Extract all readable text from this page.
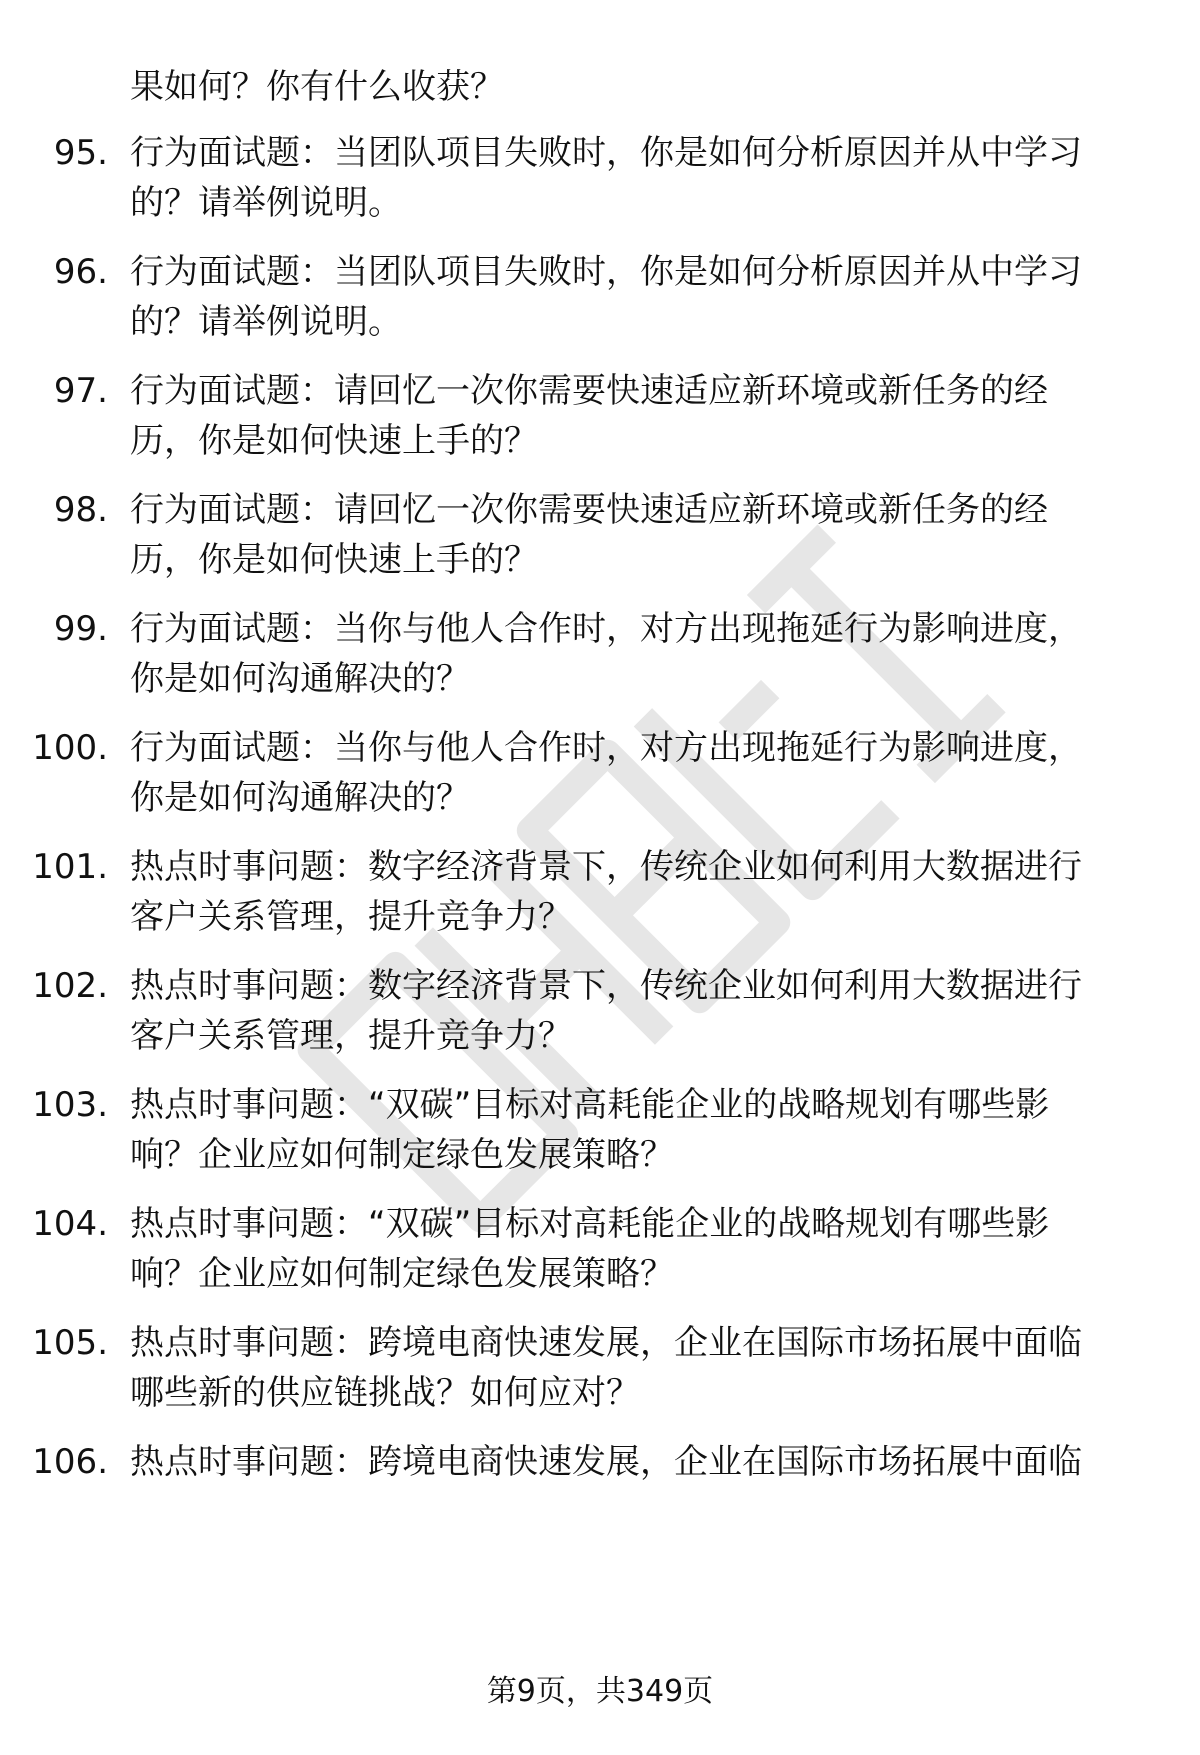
果如何？你有什么收获？
95. 行为面试题：当团队项目失败时，你是如何分析原因并从中学习
的？请举例说明。
96. 行为面试题：当团队项目失败时，你是如何分析原因并从中学习
的？请举例说明。
97. 行为面试题：请回忆一次你需要快速适应新环境或新任务的经
历，你是如何快速上手的？
98. 行为面试题：请回忆一次你需要快速适应新环境或新任务的经
历，你是如何快速上手的？
99. 行为面试题：当你与他人合作时，对方出现拖延行为影响进度，
你是如何沟通解决的？
100. 行为面试题：当你与他人合作时，对方出现拖延行为影响进度，
你是如何沟通解决的？
101. 热点时事问题：数字经济背景下，传统企业如何利用大数据进行
客户关系管理，提升竞争力？
102. 热点时事问题：数字经济背景下，传统企业如何利用大数据进行
客户关系管理，提升竞争力？
103. 热点时事问题：“双碳”目标对高耗能企业的战略规划有哪些影
响？企业应如何制定绿色发展策略？
104. 热点时事问题：“双碳”目标对高耗能企业的战略规划有哪些影
响？企业应如何制定绿色发展策略？
105. 热点时事问题：跨境电商快速发展，企业在国际市场拓展中面临
哪些新的供应链挑战？如何应对？
106. 热点时事问题：跨境电商快速发展，企业在国际市场拓展中面临
第9页，共349页
